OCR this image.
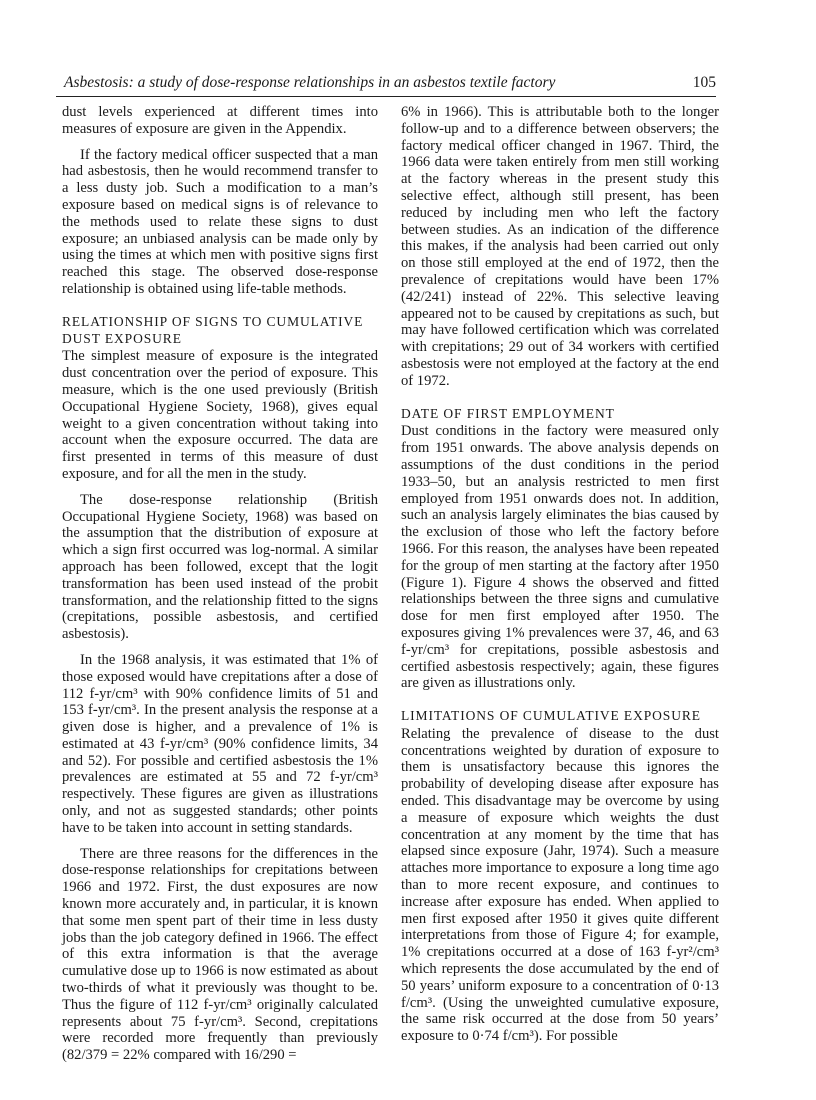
Asbestosis: a study of dose-response relationships in an asbestos textile factory	105

dust levels experienced at different times into measures of exposure are given in the Appendix.

If the factory medical officer suspected that a man had asbestosis, then he would recommend transfer to a less dusty job. Such a modification to a man’s exposure based on medical signs is of relevance to the methods used to relate these signs to dust exposure; an unbiased analysis can be made only by using the times at which men with positive signs first reached this stage. The observed dose-response relationship is obtained using life-table methods.

RELATIONSHIP OF SIGNS TO CUMULATIVE DUST EXPOSURE

The simplest measure of exposure is the integrated dust concentration over the period of exposure. This measure, which is the one used previously (British Occupational Hygiene Society, 1968), gives equal weight to a given concentration without taking into account when the exposure occurred. The data are first presented in terms of this measure of dust exposure, and for all the men in the study.

The dose-response relationship (British Occupational Hygiene Society, 1968) was based on the assumption that the distribution of exposure at which a sign first occurred was log-normal. A similar approach has been followed, except that the logit transformation has been used instead of the probit transformation, and the relationship fitted to the signs (crepitations, possible asbestosis, and certified asbestosis).

In the 1968 analysis, it was estimated that 1% of those exposed would have crepitations after a dose of 112 f-yr/cm³ with 90% confidence limits of 51 and 153 f-yr/cm³. In the present analysis the response at a given dose is higher, and a prevalence of 1% is estimated at 43 f-yr/cm³ (90% confidence limits, 34 and 52). For possible and certified asbestosis the 1% prevalences are estimated at 55 and 72 f-yr/cm³ respectively. These figures are given as illustrations only, and not as suggested standards; other points have to be taken into account in setting standards.

There are three reasons for the differences in the dose-response relationships for crepitations between 1966 and 1972. First, the dust exposures are now known more accurately and, in particular, it is known that some men spent part of their time in less dusty jobs than the job category defined in 1966. The effect of this extra information is that the average cumulative dose up to 1966 is now estimated as about two-thirds of what it previously was thought to be. Thus the figure of 112 f-yr/cm³ originally calculated represents about 75 f-yr/cm³. Second, crepitations were recorded more frequently than previously (82/379 = 22% compared with 16/290 =

6% in 1966). This is attributable both to the longer follow-up and to a difference between observers; the factory medical officer changed in 1967. Third, the 1966 data were taken entirely from men still working at the factory whereas in the present study this selective effect, although still present, has been reduced by including men who left the factory between studies. As an indication of the difference this makes, if the analysis had been carried out only on those still employed at the end of 1972, then the prevalence of crepitations would have been 17% (42/241) instead of 22%. This selective leaving appeared not to be caused by crepitations as such, but may have followed certification which was correlated with crepitations; 29 out of 34 workers with certified asbestosis were not employed at the factory at the end of 1972.

DATE OF FIRST EMPLOYMENT

Dust conditions in the factory were measured only from 1951 onwards. The above analysis depends on assumptions of the dust conditions in the period 1933–50, but an analysis restricted to men first employed from 1951 onwards does not. In addition, such an analysis largely eliminates the bias caused by the exclusion of those who left the factory before 1966. For this reason, the analyses have been repeated for the group of men starting at the factory after 1950 (Figure 1). Figure 4 shows the observed and fitted relationships between the three signs and cumulative dose for men first employed after 1950. The exposures giving 1% prevalences were 37, 46, and 63 f-yr/cm³ for crepitations, possible asbestosis and certified asbestosis respectively; again, these figures are given as illustrations only.

LIMITATIONS OF CUMULATIVE EXPOSURE

Relating the prevalence of disease to the dust concentrations weighted by duration of exposure to them is unsatisfactory because this ignores the probability of developing disease after exposure has ended. This disadvantage may be overcome by using a measure of exposure which weights the dust concentration at any moment by the time that has elapsed since exposure (Jahr, 1974). Such a measure attaches more importance to exposure a long time ago than to more recent exposure, and continues to increase after exposure has ended. When applied to men first exposed after 1950 it gives quite different interpretations from those of Figure 4; for example, 1% crepitations occurred at a dose of 163 f-yr²/cm³ which represents the dose accumulated by the end of 50 years’ uniform exposure to a concentration of 0·13 f/cm³. (Using the unweighted cumulative exposure, the same risk occurred at the dose from 50 years’ exposure to 0·74 f/cm³). For possible
